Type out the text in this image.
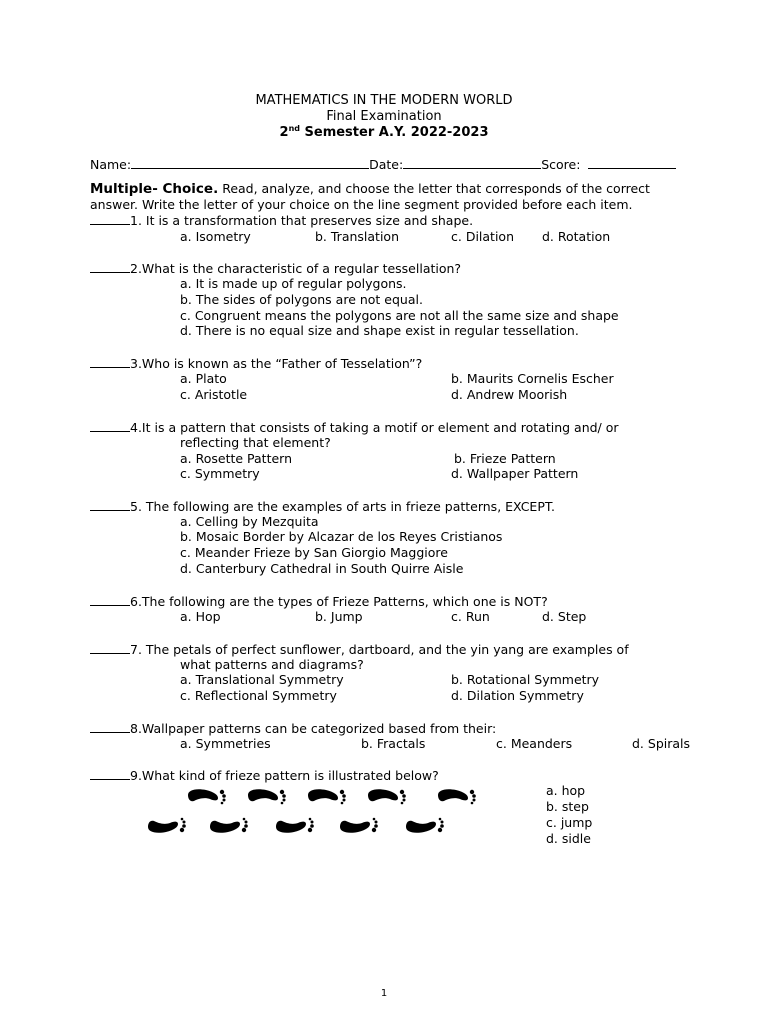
MATHEMATICS IN THE MODERN WORLD
Final Examination
2nd Semester A.Y. 2022-2023
Name:	Date:	Score:
Multiple- Choice. Read, analyze, and choose the letter that corresponds of the correct
answer. Write the letter of your choice on the line segment provided before each item.
1. It is a transformation that preserves size and shape.
a. Isometry	b. Translation	c. Dilation d. Rotation
2.What is the characteristic of a regular tessellation?
a. It is made up of regular polygons.
b. The sides of polygons are not equal.
c. Congruent means the polygons are not all the same size and shape
d. There is no equal size and shape exist in regular tessellation.
3.Who is known as the “Father of Tesselation”?
a. Plato	b. Maurits Cornelis Escher
c. Aristotle	d. Andrew Moorish
4.It is a pattern that consists of taking a motif or element and rotating and/ or
reflecting that element?
a. Rosette Pattern	b. Frieze Pattern
c. Symmetry	d. Wallpaper Pattern
5. The following are the examples of arts in frieze patterns, EXCEPT.
a. Celling by Mezquita
b. Mosaic Border by Alcazar de los Reyes Cristianos
c. Meander Frieze by San Giorgio Maggiore
d. Canterbury Cathedral in South Quirre Aisle
6.The following are the types of Frieze Patterns, which one is NOT?
a. Hop	b. Jump	c. Run	d. Step
7. The petals of perfect sunflower, dartboard, and the yin yang are examples of
what patterns and diagrams?
a. Translational Symmetry	b. Rotational Symmetry
c. Reflectional Symmetry	d. Dilation Symmetry
8.Wallpaper patterns can be categorized based from their:
a. Symmetries	b. Fractals	c. Meanders	d. Spirals
9.What kind of frieze pattern is illustrated below?
a. hop
b. step
c. jump
d. sidle
1
